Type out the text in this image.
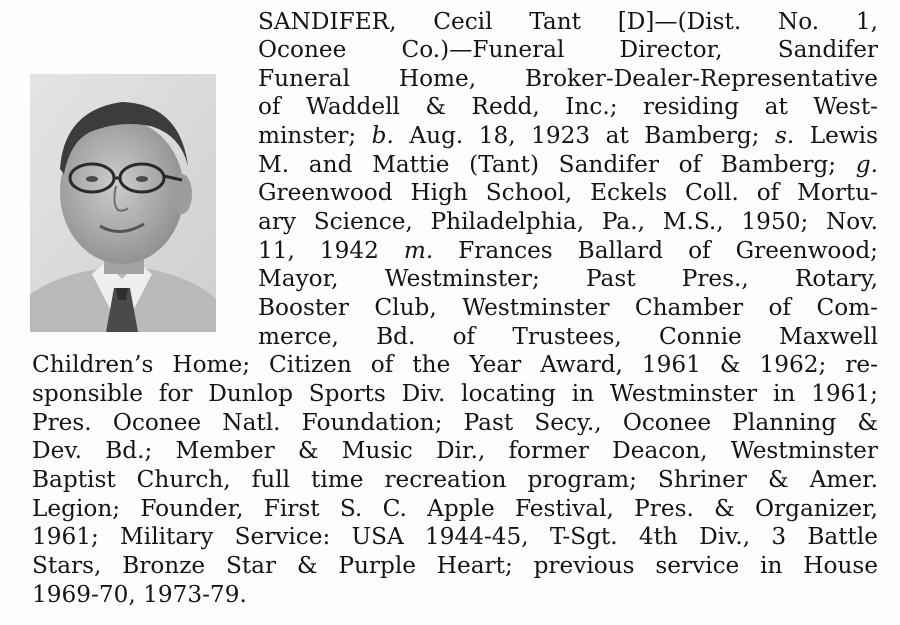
SANDIFER, Cecil Tant [D]—(Dist. No. 1,
Oconee Co.)—Funeral Director, Sandifer
Funeral Home, Broker-Dealer-Representative
of Waddell & Redd, Inc.; residing at West-
minster; b. Aug. 18, 1923 at Bamberg; s. Lewis
M. and Mattie (Tant) Sandifer of Bamberg; g.
Greenwood High School, Eckels Coll. of Mortu-
ary Science, Philadelphia, Pa., M.S., 1950; Nov.
11, 1942 m. Frances Ballard of Greenwood;
Mayor, Westminster; Past Pres., Rotary,
Booster Club, Westminster Chamber of Com-
merce, Bd. of Trustees, Connie Maxwell
Children’s Home; Citizen of the Year Award, 1961 & 1962; re-
sponsible for Dunlop Sports Div. locating in Westminster in 1961;
Pres. Oconee Natl. Foundation; Past Secy., Oconee Planning &
Dev. Bd.; Member & Music Dir., former Deacon, Westminster
Baptist Church, full time recreation program; Shriner & Amer.
Legion; Founder, First S. C. Apple Festival, Pres. & Organizer,
1961; Military Service: USA 1944-45, T-Sgt. 4th Div., 3 Battle
Stars, Bronze Star & Purple Heart; previous service in House
1969-70, 1973-79.
